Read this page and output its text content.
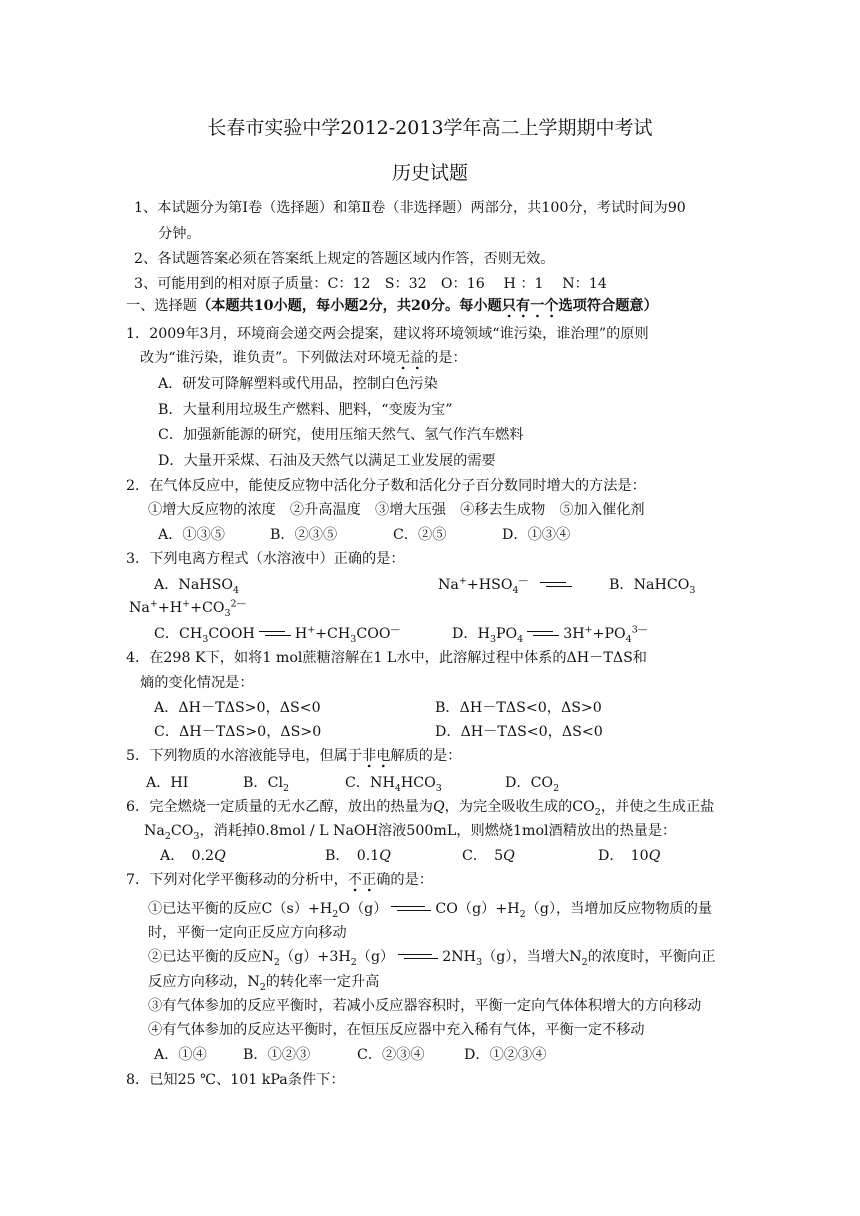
长春市实验中学2012-2013学年高二上学期期中考试
历史试题
1、本试题分为第Ⅰ卷（选择题）和第Ⅱ卷（非选择题）两部分，共100分，考试时间为90
分钟。
2、各试题答案必须在答案纸上规定的答题区域内作答，否则无效。
3、可能用到的相对原子质量：C：12　S：32　O：16　 H ：1　 N：14
一、选择题（本题共10小题，每小题2分，共20分。每小题只有一个选项符合题意）
1．2009年3月，环境商会递交两会提案，建议将环境领域“谁污染，谁治理”的原则
改为“谁污染，谁负责”。下列做法对环境无益的是：
A．研发可降解塑料或代用品，控制白色污染
B．大量利用垃圾生产燃料、肥料，“变废为宝”
C．加强新能源的研究，使用压缩天然气、氢气作汽车燃料
D．大量开采煤、石油及天然气以满足工业发展的需要
2．在气体反应中，能使反应物中活化分子数和活化分子百分数同时增大的方法是：
①增大反应物的浓度　②升高温度　③增大压强　④移去生成物　⑤加入催化剂
A．①③⑤	B．②③⑤	C．②⑤	D．①③④
3．下列电离方程式（水溶液中）正确的是：
A．NaHSO$_4$	$Na^++HSO_4^—$	B．NaHCO$_3$
$Na^++H^++CO_3^{2—}$
C．$CH_3COOH$	$H^++CH_3COO^—$	D．$H_3PO_4$	$3H^++PO_4^{3—}$
4．在298 K下，如将1 mol蔗糖溶解在1 L水中，此溶解过程中体系的ΔH－TΔS和
熵的变化情况是：
A．ΔH－TΔS>0，ΔS<0	B．ΔH－TΔS<0，ΔS>0
C．ΔH－TΔS>0，ΔS>0	D．ΔH－TΔS<0，ΔS<0
5．下列物质的水溶液能导电，但属于非电解质的是：
A．HI	B．$Cl_2$	C．$NH_4HCO_3$	D．$CO_2$
6．完全燃烧一定质量的无水乙醇，放出的热量为Q，为完全吸收生成的$CO_2$，并使之生成正盐
$Na_2CO_3$，消耗掉0.8mol / L NaOH溶液500mL，则燃烧1mol酒精放出的热量是：
A．　0.2Q	B．　0.1Q	C．　5Q	D．　10Q
7．下列对化学平衡移动的分析中，不正确的是：
①已达平衡的反应$C(s)+H_2O(g)$	$CO(g)+H_2(g)$，当增加反应物物质的量
时，平衡一定向正反应方向移动
②已达平衡的反应$N_2(g)+3H_2(g)$	$2NH_3(g)$，当增大$N_2$的浓度时，平衡向正
反应方向移动，$N_2$的转化率一定升高
③有气体参加的反应平衡时，若减小反应器容积时，平衡一定向气体体积增大的方向移动
④有气体参加的反应达平衡时，在恒压反应器中充入稀有气体，平衡一定不移动
A．①④	B．①②③	C．②③④	D．①②③④
8．已知25 ℃、101 kPa条件下：
